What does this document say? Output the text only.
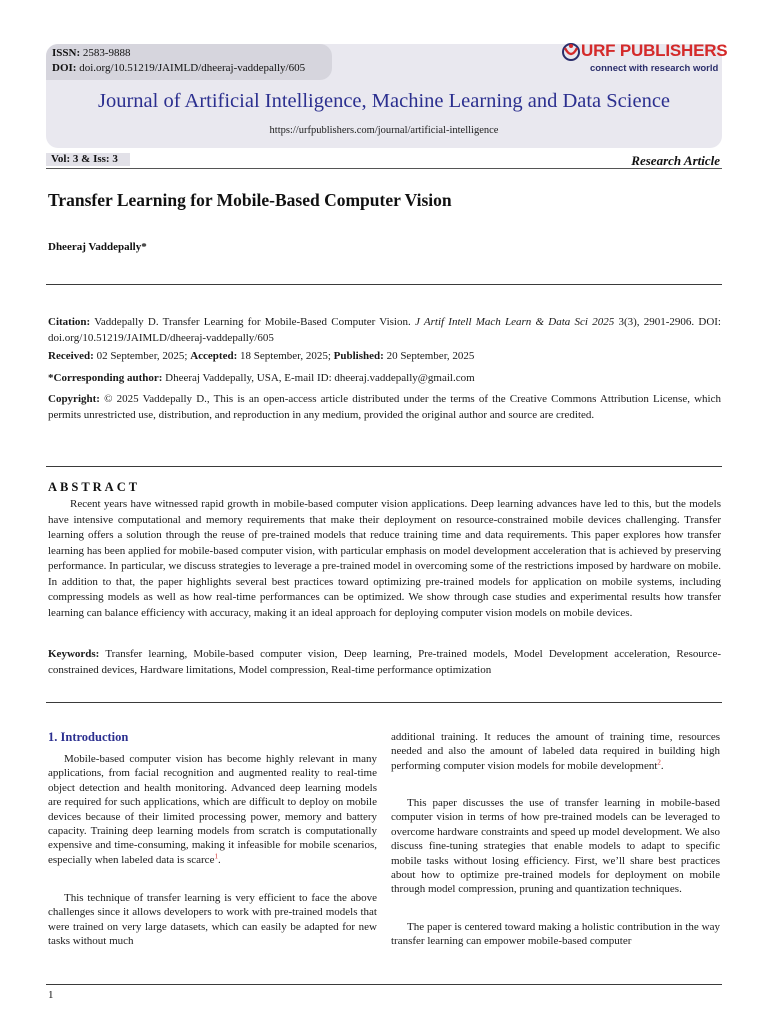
ISSN: 2583-9888
DOI: doi.org/10.51219/JAIMLD/dheeraj-vaddepally/605
URF PUBLISHERS
connect with research world
Journal of Artificial Intelligence, Machine Learning and Data Science
https://urfpublishers.com/journal/artificial-intelligence
Vol: 3 & Iss: 3	Research Article
Transfer Learning for Mobile-Based Computer Vision
Dheeraj Vaddepally*

Citation: Vaddepally D. Transfer Learning for Mobile-Based Computer Vision. J Artif Intell Mach Learn & Data Sci 2025 3(3), 2901-2906. DOI: doi.org/10.51219/JAIMLD/dheeraj-vaddepally/605

Received: 02 September, 2025; Accepted: 18 September, 2025; Published: 20 September, 2025

*Corresponding author: Dheeraj Vaddepally, USA, E-mail ID: dheeraj.vaddepally@gmail.com

Copyright: © 2025 Vaddepally D., This is an open-access article distributed under the terms of the Creative Commons Attribution License, which permits unrestricted use, distribution, and reproduction in any medium, provided the original author and source are credited.

ABSTRACT

Recent years have witnessed rapid growth in mobile-based computer vision applications. Deep learning advances have led to this, but the models have intensive computational and memory requirements that make their deployment on resource-constrained mobile devices challenging. Transfer learning offers a solution through the reuse of pre-trained models that reduce training time and data requirements. This paper explores how transfer learning has been applied for mobile-based computer vision, with particular emphasis on model development acceleration that is achieved by preserving performance. In particular, we discuss strategies to leverage a pre-trained model in overcoming some of the restrictions imposed by hardware on mobile. In addition to that, the paper highlights several best practices toward optimizing pre-trained models for application on mobile systems, including compressing models as well as how real-time performances can be optimized. We show through case studies and experimental results how transfer learning can balance efficiency with accuracy, making it an ideal approach for deploying computer vision models on mobile devices.

Keywords: Transfer learning, Mobile-based computer vision, Deep learning, Pre-trained models, Model Development acceleration, Resource-constrained devices, Hardware limitations, Model compression, Real-time performance optimization

1. Introduction

Mobile-based computer vision has become highly relevant in many applications, from facial recognition and augmented reality to real-time object detection and health monitoring. Advanced deep learning models are required for such applications, which are difficult to deploy on mobile devices because of their limited processing power, memory and battery capacity. Training deep learning models from scratch is computationally expensive and time-consuming, making it infeasible for mobile scenarios, especially when labeled data is scarce$^1$.

This technique of transfer learning is very efficient to face the above challenges since it allows developers to work with pre-trained models that were trained on very large datasets, which can easily be adapted for new tasks without much

additional training. It reduces the amount of training time, resources needed and also the amount of labeled data required in building high performing computer vision models for mobile development$^2$.

This paper discusses the use of transfer learning in mobile-based computer vision in terms of how pre-trained models can be leveraged to overcome hardware constraints and speed up model development. We also discuss fine-tuning strategies that enable models to adapt to specific mobile tasks without losing efficiency. First, we’ll share best practices about how to optimize pre-trained models for deployment on mobile through model compression, pruning and quantization techniques.

The paper is centered toward making a holistic contribution in the way transfer learning can empower mobile-based computer

1
